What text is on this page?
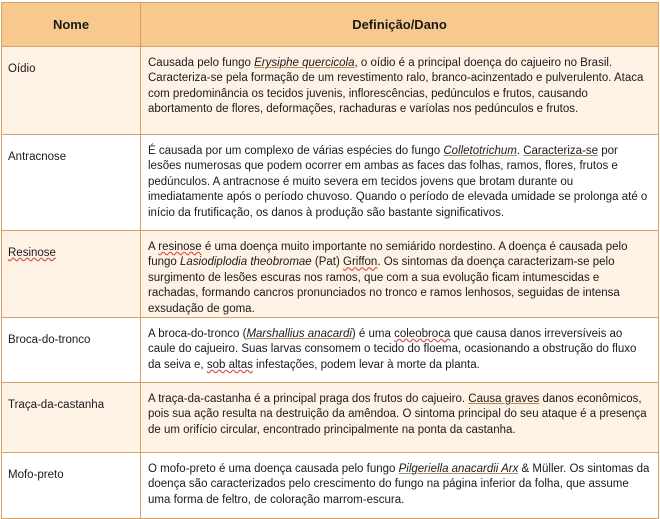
Nome	Definição/Dano
Oídio	Causada pelo fungo Erysiphe quercicola, o oídio é a principal doença do cajueiro no Brasil. Caracteriza-se pela formação de um revestimento ralo, branco-acinzentado e pulverulento. Ataca com predominância os tecidos juvenis, inflorescências, pedúnculos e frutos, causando abortamento de flores, deformações, rachaduras e varíolas nos pedúnculos e frutos.
Antracnose	É causada por um complexo de várias espécies do fungo Colletotrichum. Caracteriza-se por lesões numerosas que podem ocorrer em ambas as faces das folhas, ramos, flores, frutos e pedúnculos. A antracnose é muito severa em tecidos jovens que brotam durante ou imediatamente após o período chuvoso. Quando o período de elevada umidade se prolonga até o início da frutificação, os danos à produção são bastante significativos.
Resinose	A resinose é uma doença muito importante no semiárido nordestino. A doença é causada pelo fungo Lasiodiplodia theobromae (Pat) Griffon. Os sintomas da doença caracterizam-se pelo surgimento de lesões escuras nos ramos, que com a sua evolução ficam intumescidas e rachadas, formando cancros pronunciados no tronco e ramos lenhosos, seguidas de intensa exsudação de goma.
Broca-do-tronco	A broca-do-tronco (Marshallius anacardi) é uma coleobroca que causa danos irreversíveis ao caule do cajueiro. Suas larvas consomem o tecido do floema, ocasionando a obstrução do fluxo da seiva e, sob altas infestações, podem levar à morte da planta.
Traça-da-castanha	A traça-da-castanha é a principal praga dos frutos do cajueiro. Causa graves danos econômicos, pois sua ação resulta na destruição da amêndoa. O sintoma principal do seu ataque é a presença de um orifício circular, encontrado principalmente na ponta da castanha.
Mofo-preto	O mofo-preto é uma doença causada pelo fungo Pilgeriella anacardii Arx & Müller. Os sintomas da doença são caracterizados pelo crescimento do fungo na página inferior da folha, que assume uma forma de feltro, de coloração marrom-escura.
